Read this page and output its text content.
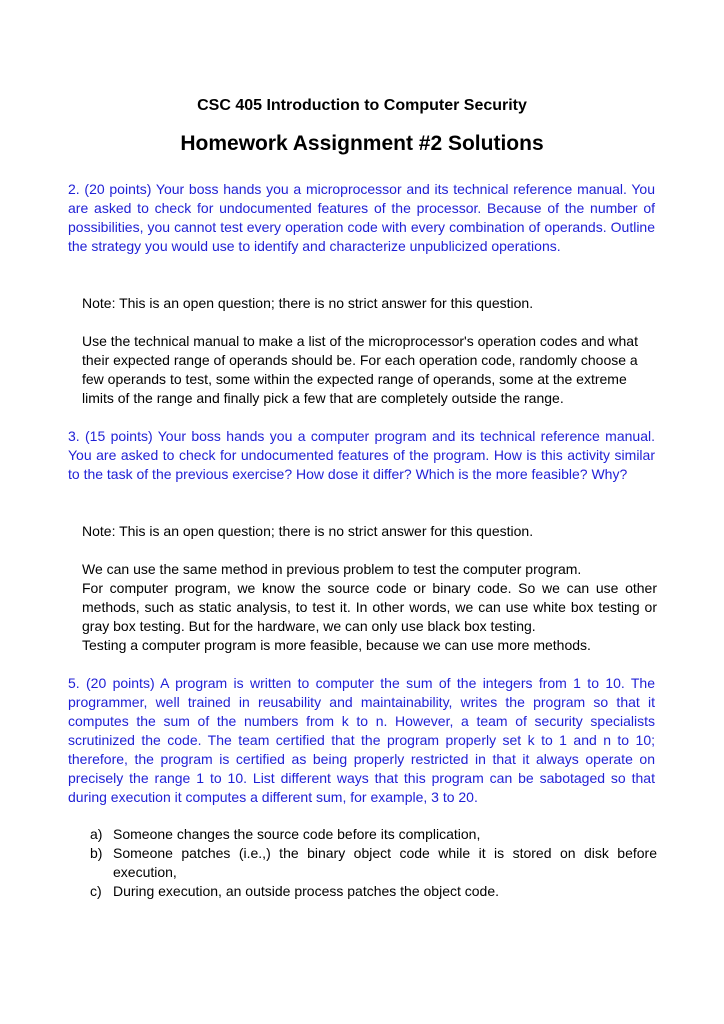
CSC 405 Introduction to Computer Security
Homework Assignment #2 Solutions
2. (20 points) Your boss hands you a microprocessor and its technical reference manual. You are asked to check for undocumented features of the processor. Because of the number of possibilities, you cannot test every operation code with every combination of operands. Outline the strategy you would use to identify and characterize unpublicized operations.
Note: This is an open question; there is no strict answer for this question.
Use the technical manual to make a list of the microprocessor's operation codes and what their expected range of operands should be. For each operation code, randomly choose a few operands to test, some within the expected range of operands, some at the extreme limits of the range and finally pick a few that are completely outside the range.
3. (15 points) Your boss hands you a computer program and its technical reference manual. You are asked to check for undocumented features of the program. How is this activity similar to the task of the previous exercise? How dose it differ? Which is the more feasible? Why?
Note: This is an open question; there is no strict answer for this question.
We can use the same method in previous problem to test the computer program.
For computer program, we know the source code or binary code. So we can use other methods, such as static analysis, to test it. In other words, we can use white box testing or gray box testing. But for the hardware, we can only use black box testing.
Testing a computer program is more feasible, because we can use more methods.
5. (20 points) A program is written to computer the sum of the integers from 1 to 10. The programmer, well trained in reusability and maintainability, writes the program so that it computes the sum of the numbers from k to n. However, a team of security specialists scrutinized the code. The team certified that the program properly set k to 1 and n to 10; therefore, the program is certified as being properly restricted in that it always operate on precisely the range 1 to 10. List different ways that this program can be sabotaged so that during execution it computes a different sum, for example, 3 to 20.
a) Someone changes the source code before its complication,
b) Someone patches (i.e.,) the binary object code while it is stored on disk before execution,
c) During execution, an outside process patches the object code.
